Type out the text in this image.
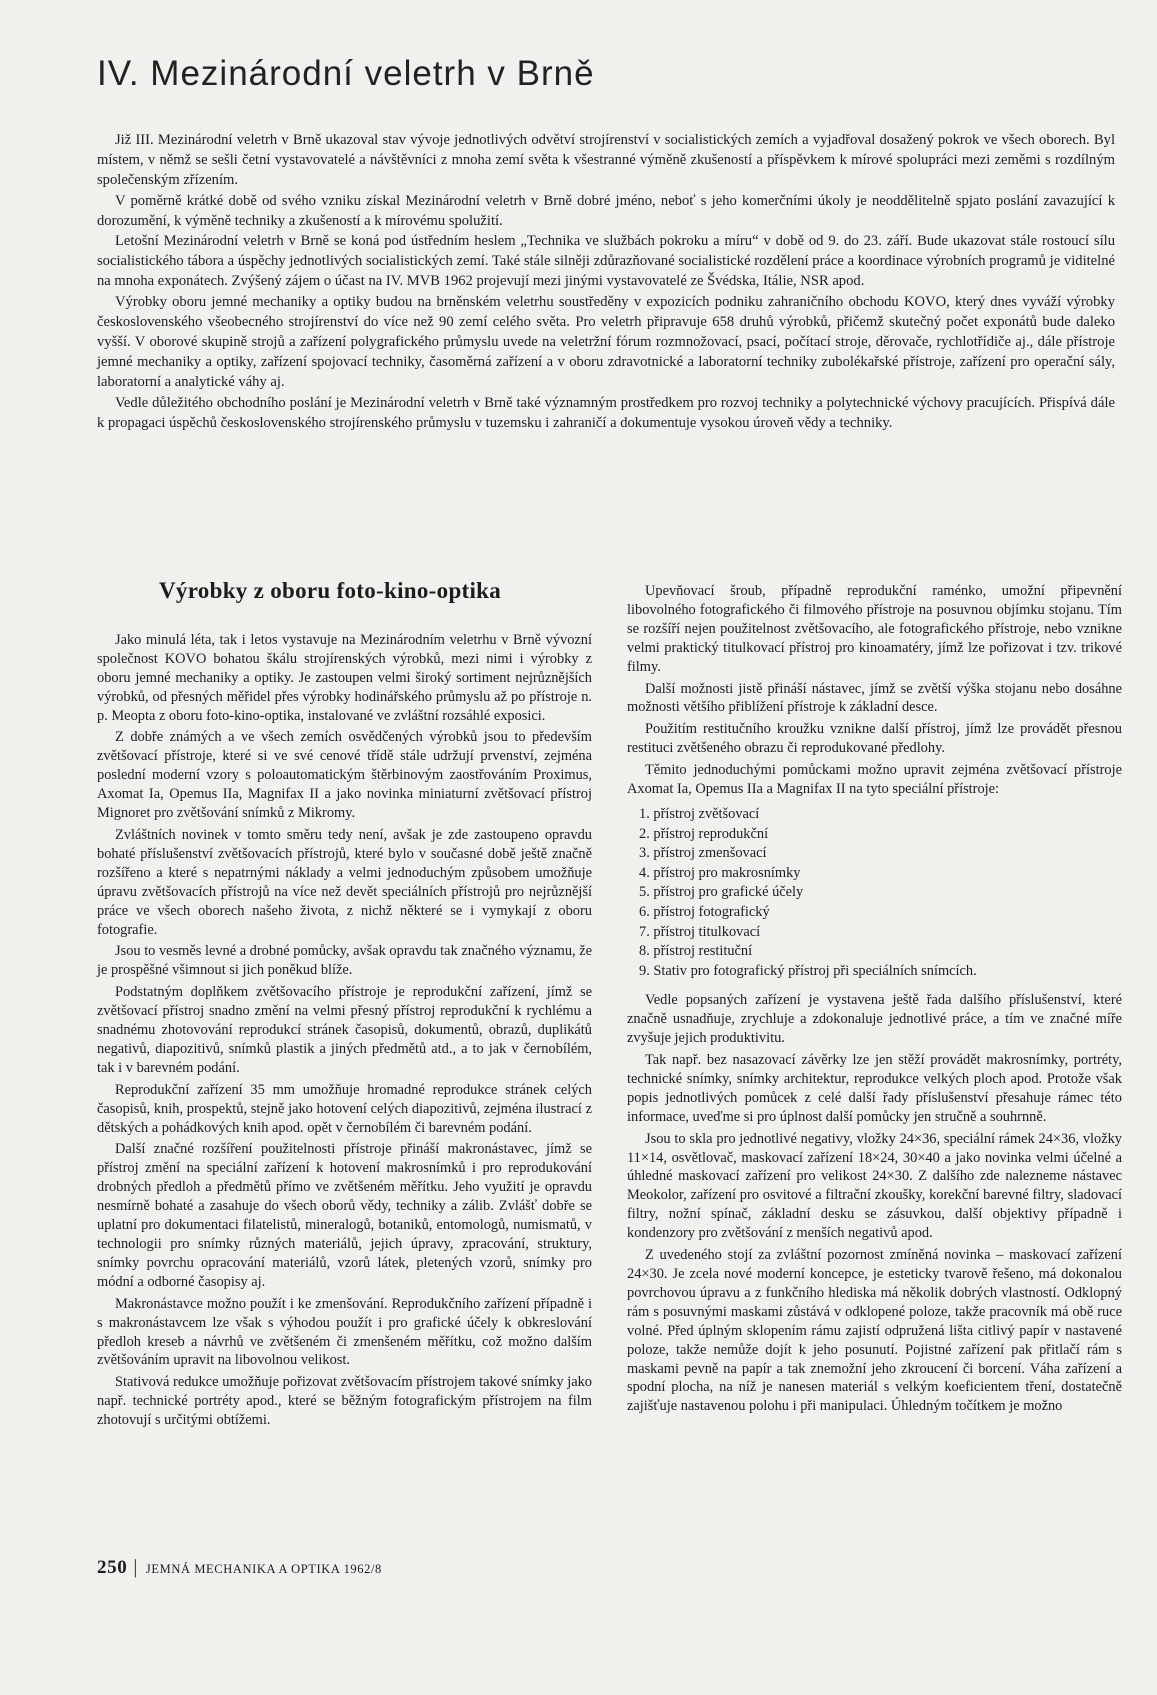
IV. Mezinárodní veletrh v Brně

Již III. Mezinárodní veletrh v Brně ukazoval stav vývoje jednotlivých odvětví strojírenství v socialistických zemích a vyjadřoval dosažený pokrok ve všech oborech. Byl místem, v němž se sešli četní vystavovatelé a návštěvníci z mnoha zemí světa k všestranné výměně zkušeností a příspěvkem k mírové spolupráci mezi zeměmi s rozdílným společenským zřízením.

V poměrně krátké době od svého vzniku získal Mezinárodní veletrh v Brně dobré jméno, neboť s jeho komerčními úkoly je neoddělitelně spjato poslání zavazující k dorozumění, k výměně techniky a zkušeností a k mírovému spolužití.

Letošní Mezinárodní veletrh v Brně se koná pod ústředním heslem „Technika ve službách pokroku a míru“ v době od 9. do 23. září. Bude ukazovat stále rostoucí sílu socialistického tábora a úspěchy jednotlivých socialistických zemí. Také stále silněji zdůrazňované socialistické rozdělení práce a koordinace výrobních programů je viditelné na mnoha exponátech. Zvýšený zájem o účast na IV. MVB 1962 projevují mezi jinými vystavovatelé ze Švédska, Itálie, NSR apod.

Výrobky oboru jemné mechaniky a optiky budou na brněnském veletrhu soustředěny v expozicích podniku zahraničního obchodu KOVO, který dnes vyváží výrobky československého všeobecného strojírenství do více než 90 zemí celého světa. Pro veletrh připravuje 658 druhů výrobků, přičemž skutečný počet exponátů bude daleko vyšší. V oborové skupině strojů a zařízení polygrafického průmyslu uvede na veletržní fórum rozmnožovací, psací, počítací stroje, děrovače, rychlotřídiče aj., dále přístroje jemné mechaniky a optiky, zařízení spojovací techniky, časoměrná zařízení a v oboru zdravotnické a laboratorní techniky zubolékařské přístroje, zařízení pro operační sály, laboratorní a analytické váhy aj.

Vedle důležitého obchodního poslání je Mezinárodní veletrh v Brně také významným prostředkem pro rozvoj techniky a polytechnické výchovy pracujících. Přispívá dále k propagaci úspěchů československého strojírenského průmyslu v tuzemsku i zahraničí a dokumentuje vysokou úroveň vědy a techniky.

Výrobky z oboru foto-kino-optika

Jako minulá léta, tak i letos vystavuje na Mezinárodním veletrhu v Brně vývozní společnost KOVO bohatou škálu strojírenských výrobků, mezi nimi i výrobky z oboru jemné mechaniky a optiky. Je zastoupen velmi široký sortiment nejrůznějších výrobků, od přesných měřidel přes výrobky hodinářského průmyslu až po přístroje n. p. Meopta z oboru foto-kino-optika, instalované ve zvláštní rozsáhlé exposici.

Z dobře známých a ve všech zemích osvědčených výrobků jsou to především zvětšovací přístroje, které si ve své cenové třídě stále udržují prvenství, zejména poslední moderní vzory s poloautomatickým štěrbinovým zaostřováním Proximus, Axomat Ia, Opemus IIa, Magnifax II a jako novinka miniaturní zvětšovací přístroj Mignoret pro zvětšování snímků z Mikromy.

Zvláštních novinek v tomto směru tedy není, avšak je zde zastoupeno opravdu bohaté příslušenství zvětšovacích přístrojů, které bylo v současné době ještě značně rozšířeno a které s nepatrnými náklady a velmi jednoduchým způsobem umožňuje úpravu zvětšovacích přístrojů na více než devět speciálních přístrojů pro nejrůznější práce ve všech oborech našeho života, z nichž některé se i vymykají z oboru fotografie.

Jsou to vesměs levné a drobné pomůcky, avšak opravdu tak značného významu, že je prospěšné všimnout si jich poněkud blíže.

Podstatným doplňkem zvětšovacího přístroje je reprodukční zařízení, jímž se zvětšovací přístroj snadno změní na velmi přesný přístroj reprodukční k rychlému a snadnému zhotovování reprodukcí stránek časopisů, dokumentů, obrazů, duplikátů negativů, diapozitivů, snímků plastik a jiných předmětů atd., a to jak v černobílém, tak i v barevném podání.

Reprodukční zařízení 35 mm umožňuje hromadné reprodukce stránek celých časopisů, knih, prospektů, stejně jako hotovení celých diapozitivů, zejména ilustrací z dětských a pohádkových knih apod. opět v černobílém či barevném podání.

Další značné rozšíření použitelnosti přístroje přináší makronástavec, jímž se přístroj změní na speciální zařízení k hotovení makrosnímků i pro reprodukování drobných předloh a předmětů přímo ve zvětšeném měřítku. Jeho využití je opravdu nesmírně bohaté a zasahuje do všech oborů vědy, techniky a zálib. Zvlášť dobře se uplatní pro dokumentaci filatelistů, mineralogů, botaniků, entomologů, numismatů, v technologii pro snímky různých materiálů, jejich úpravy, zpracování, struktury, snímky povrchu opracování materiálů, vzorů látek, pletených vzorů, snímky pro módní a odborné časopisy aj.

Makronástavce možno použít i ke zmenšování. Reprodukčního zařízení případně i s makronástavcem lze však s výhodou použít i pro grafické účely k obkreslování předloh kreseb a návrhů ve zvětšeném či zmenšeném měřítku, což možno dalším zvětšováním upravit na libovolnou velikost.

Stativová redukce umožňuje pořizovat zvětšovacím přístrojem takové snímky jako např. technické portréty apod., které se běžným fotografickým přístrojem na film zhotovují s určitými obtížemi.

Upevňovací šroub, případně reprodukční raménko, umožní připevnění libovolného fotografického či filmového přístroje na posuvnou objímku stojanu. Tím se rozšíří nejen použitelnost zvětšovacího, ale fotografického přístroje, nebo vznikne velmi praktický titulkovací přístroj pro kinoamatéry, jímž lze pořizovat i tzv. trikové filmy.

Další možnosti jistě přináší nástavec, jímž se zvětší výška stojanu nebo dosáhne možnosti většího přiblížení přístroje k základní desce.

Použitím restitučního kroužku vznikne další přístroj, jímž lze provádět přesnou restituci zvětšeného obrazu či reprodukované předlohy.

Těmito jednoduchými pomůckami možno upravit zejména zvětšovací přístroje Axomat Ia, Opemus IIa a Magnifax II na tyto speciální přístroje:

1. přístroj zvětšovací
2. přístroj reprodukční
3. přístroj zmenšovací
4. přístroj pro makrosnímky
5. přístroj pro grafické účely
6. přístroj fotografický
7. přístroj titulkovací
8. přístroj restituční
9. Stativ pro fotografický přístroj při speciálních snímcích.

Vedle popsaných zařízení je vystavena ještě řada dalšího příslušenství, které značně usnadňuje, zrychluje a zdokonaluje jednotlivé práce, a tím ve značné míře zvyšuje jejich produktivitu.

Tak např. bez nasazovací závěrky lze jen stěží provádět makrosnímky, portréty, technické snímky, snímky architektur, reprodukce velkých ploch apod. Protože však popis jednotlivých pomůcek z celé další řady příslušenství přesahuje rámec této informace, uveďme si pro úplnost další pomůcky jen stručně a souhrnně.

Jsou to skla pro jednotlivé negativy, vložky 24×36, speciální rámek 24×36, vložky 11×14, osvětlovač, maskovací zařízení 18×24, 30×40 a jako novinka velmi účelné a úhledné maskovací zařízení pro velikost 24×30. Z dalšího zde nalezneme nástavec Meokolor, zařízení pro osvitové a filtrační zkoušky, korekční barevné filtry, sladovací filtry, nožní spínač, základní desku se zásuvkou, další objektivy případně i kondenzory pro zvětšování z menších negativů apod.

Z uvedeného stojí za zvláštní pozornost zmíněná novinka – maskovací zařízení 24×30. Je zcela nové moderní koncepce, je esteticky tvarově řešeno, má dokonalou povrchovou úpravu a z funkčního hlediska má několik dobrých vlastností. Odklopný rám s posuvnými maskami zůstává v odklopené poloze, takže pracovník má obě ruce volné. Před úplným sklopením rámu zajistí odpružená lišta citlivý papír v nastavené poloze, takže nemůže dojít k jeho posunutí. Pojistné zařízení pak přitlačí rám s maskami pevně na papír a tak znemožní jeho zkroucení či borcení. Váha zařízení a spodní plocha, na níž je nanesen materiál s velkým koeficientem tření, dostatečně zajišťuje nastavenou polohu i při manipulaci. Úhledným točítkem je možno

250 | JEMNÁ MECHANIKA A OPTIKA 1962/8
